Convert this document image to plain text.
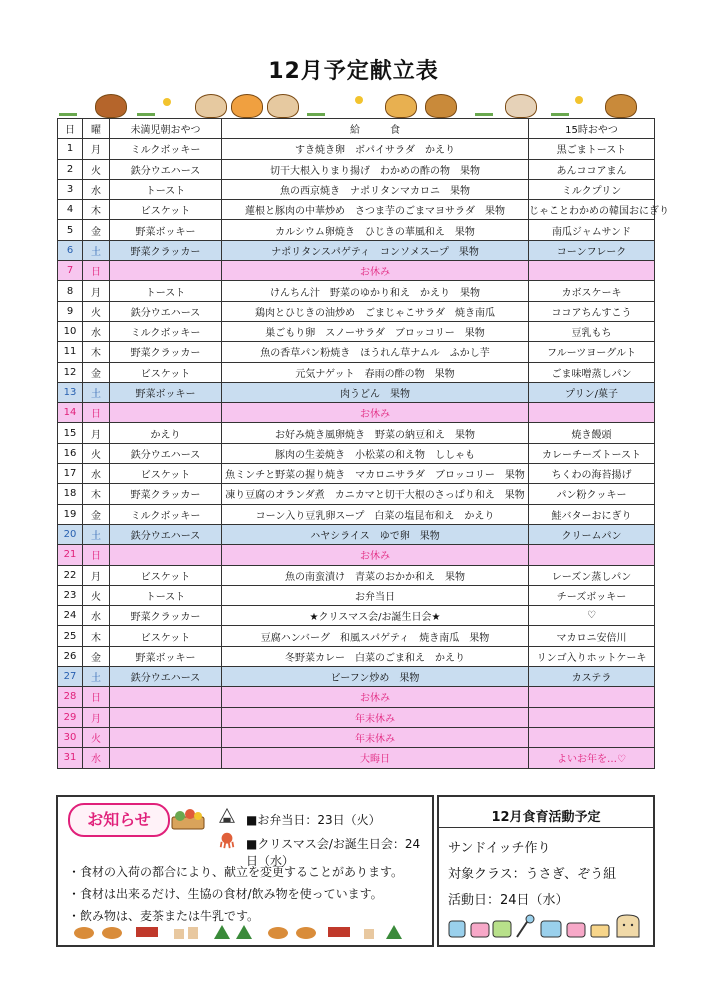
12月予定献立表
日	曜	未満児朝おやつ	給　　　食	15時おやつ
1	月	ミルクボッキー	すき焼き卵　ボパイサラダ　かえり	黒ごまトースト
2	火	鉄分ウエハース	切干大根入りまり揚げ　わかめの酢の物　果物	あんココアまん
3	水	トースト	魚の西京焼き　ナポリタンマカロニ　果物	ミルクプリン
4	木	ビスケット	蓮根と豚肉の中華炒め　さつま芋のごまマヨサラダ　果物	じゃことわかめの韓国おにぎり
5	金	野菜ボッキー	カルシウム卵焼き　ひじきの華風和え　果物	南瓜ジャムサンド
6	土	野菜クラッカー	ナポリタンスパゲティ　コンソメスープ　果物	コーンフレーク
7	日		お休み	
8	月	トースト	けんちん汁　野菜のゆかり和え　かえり　果物	カボスケーキ
9	火	鉄分ウエハース	鶏肉とひじきの油炒め　ごまじゃこサラダ　焼き南瓜	ココアちんすこう
10	水	ミルクボッキー	巣ごもり卵　スノーサラダ　ブロッコリー　果物	豆乳もち
11	木	野菜クラッカー	魚の香草パン粉焼き　ほうれん草ナムル　ふかし芋	フルーツヨーグルト
12	金	ビスケット	元気ナゲット　春雨の酢の物　果物	ごま味噌蒸しパン
13	土	野菜ボッキー	肉うどん　果物	プリン/菓子
14	日		お休み	
15	月	かえり	お好み焼き風卵焼き　野菜の納豆和え　果物	焼き饅頭
16	火	鉄分ウエハース	豚肉の生姜焼き　小松菜の和え物　ししゃも	カレーチーズトースト
17	水	ビスケット	魚ミンチと野菜の握り焼き　マカロニサラダ　ブロッコリー　果物	ちくわの海苔揚げ
18	木	野菜クラッカー	凍り豆腐のオランダ煮　カニカマと切干大根のさっぱり和え　果物	パン粉クッキー
19	金	ミルクボッキー	コーン入り豆乳卵スープ　白菜の塩昆布和え　かえり	鮭バターおにぎり
20	土	鉄分ウエハース	ハヤシライス　ゆで卵　果物	クリームパン
21	日		お休み	
22	月	ビスケット	魚の南蛮漬け　青菜のおかか和え　果物	レーズン蒸しパン
23	火	トースト	お弁当日	チーズボッキー
24	水	野菜クラッカー	★クリスマス会/お誕生日会★	♡
25	木	ビスケット	豆腐ハンバーグ　和風スパゲティ　焼き南瓜　果物	マカロニ安倍川
26	金	野菜ボッキー	冬野菜カレー　白菜のごま和え　かえり	リンゴ入りホットケーキ
27	土	鉄分ウエハース	ビーフン炒め　果物	カステラ
28	日		お休み	
29	月		年末休み	
30	火		年末休み	
31	水		大晦日	よいお年を…♡
お知らせ	■お弁当日：23日（火）
■クリスマス会/お誕生日会：24日（水）
・食材の入荷の都合により、献立を変更することがあります。
・食材は出来るだけ、生協の食材/飲み物を使っています。
・飲み物は、麦茶または牛乳です。
12月食育活動予定
サンドイッチ作り
対象クラス：うさぎ、ぞう組
活動日：24日（水）
